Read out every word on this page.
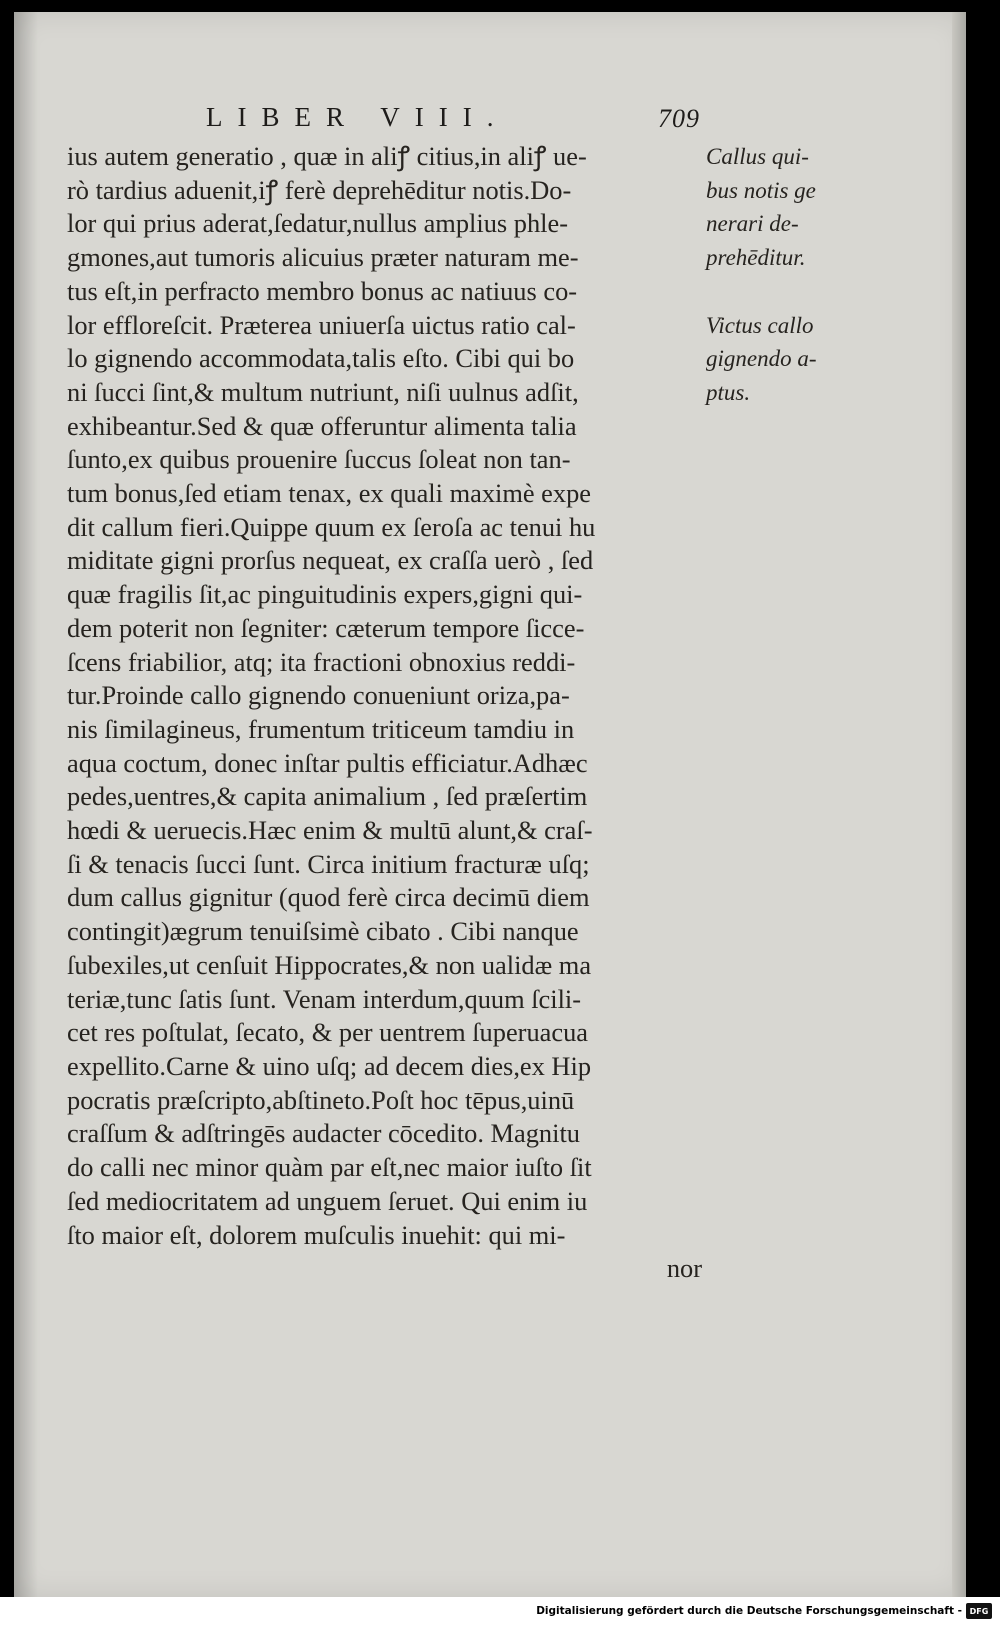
LIBER VIII.	709
ius autem generatio , quæ in aliꝭ citius,in aliꝭ ue-
rò tardius aduenit,iꝭ ferè deprehēditur notis.Do-
lor qui prius aderat,ſedatur,nullus amplius phle-
gmones,aut tumoris alicuius præter naturam me-
tus eſt,in perfracto membro bonus ac natiuus co-
lor effloreſcit. Præterea uniuerſa uictus ratio cal-
lo gignendo accommodata,talis eſto. Cibi qui bo
ni ſucci ſint,& multum nutriunt, niſi uulnus adſit,
exhibeantur.Sed & quæ offeruntur alimenta talia
ſunto,ex quibus prouenire ſuccus ſoleat non tan-
tum bonus,ſed etiam tenax, ex quali maximè expe
dit callum fieri.Quippe quum ex ſeroſa ac tenui hu
miditate gigni prorſus nequeat, ex craſſa uerò , ſed
quæ fragilis ſit,ac pinguitudinis expers,gigni qui-
dem poterit non ſegniter: cæterum tempore ſicce-
ſcens friabilior, atq; ita fractioni obnoxius reddi-
tur.Proinde callo gignendo conueniunt oriza,pa-
nis ſimilagineus, frumentum triticeum tamdiu in
aqua coctum, donec inſtar pultis efficiatur.Adhæc
pedes,uentres,& capita animalium , ſed præſertim
hœdi & ueruecis.Hæc enim & multū alunt,& craſ-
ſi & tenacis ſucci ſunt. Circa initium fracturæ uſq;
dum callus gignitur (quod ferè circa decimū diem
contingit)ægrum tenuiſsimè cibato . Cibi nanque
ſubexiles,ut cenſuit Hippocrates,& non ualidæ ma
teriæ,tunc ſatis ſunt. Venam interdum,quum ſcili-
cet res poſtulat, ſecato, & per uentrem ſuperuacua
expellito.Carne & uino uſq; ad decem dies,ex Hip
pocratis præſcripto,abſtineto.Poſt hoc tēpus,uinū
craſſum & adſtringēs audacter cōcedito. Magnitu
do calli nec minor quàm par eſt,nec maior iuſto ſit
ſed mediocritatem ad unguem ſeruet. Qui enim iu
ſto maior eſt, dolorem muſculis inuehit: qui mi-
nor
Callus qui-
bus notis ge
nerari de-
prehēditur.
Victus callo
gignendo a-
ptus.
Digitalisierung gefördert durch die Deutsche Forschungsgemeinschaft - DFG
